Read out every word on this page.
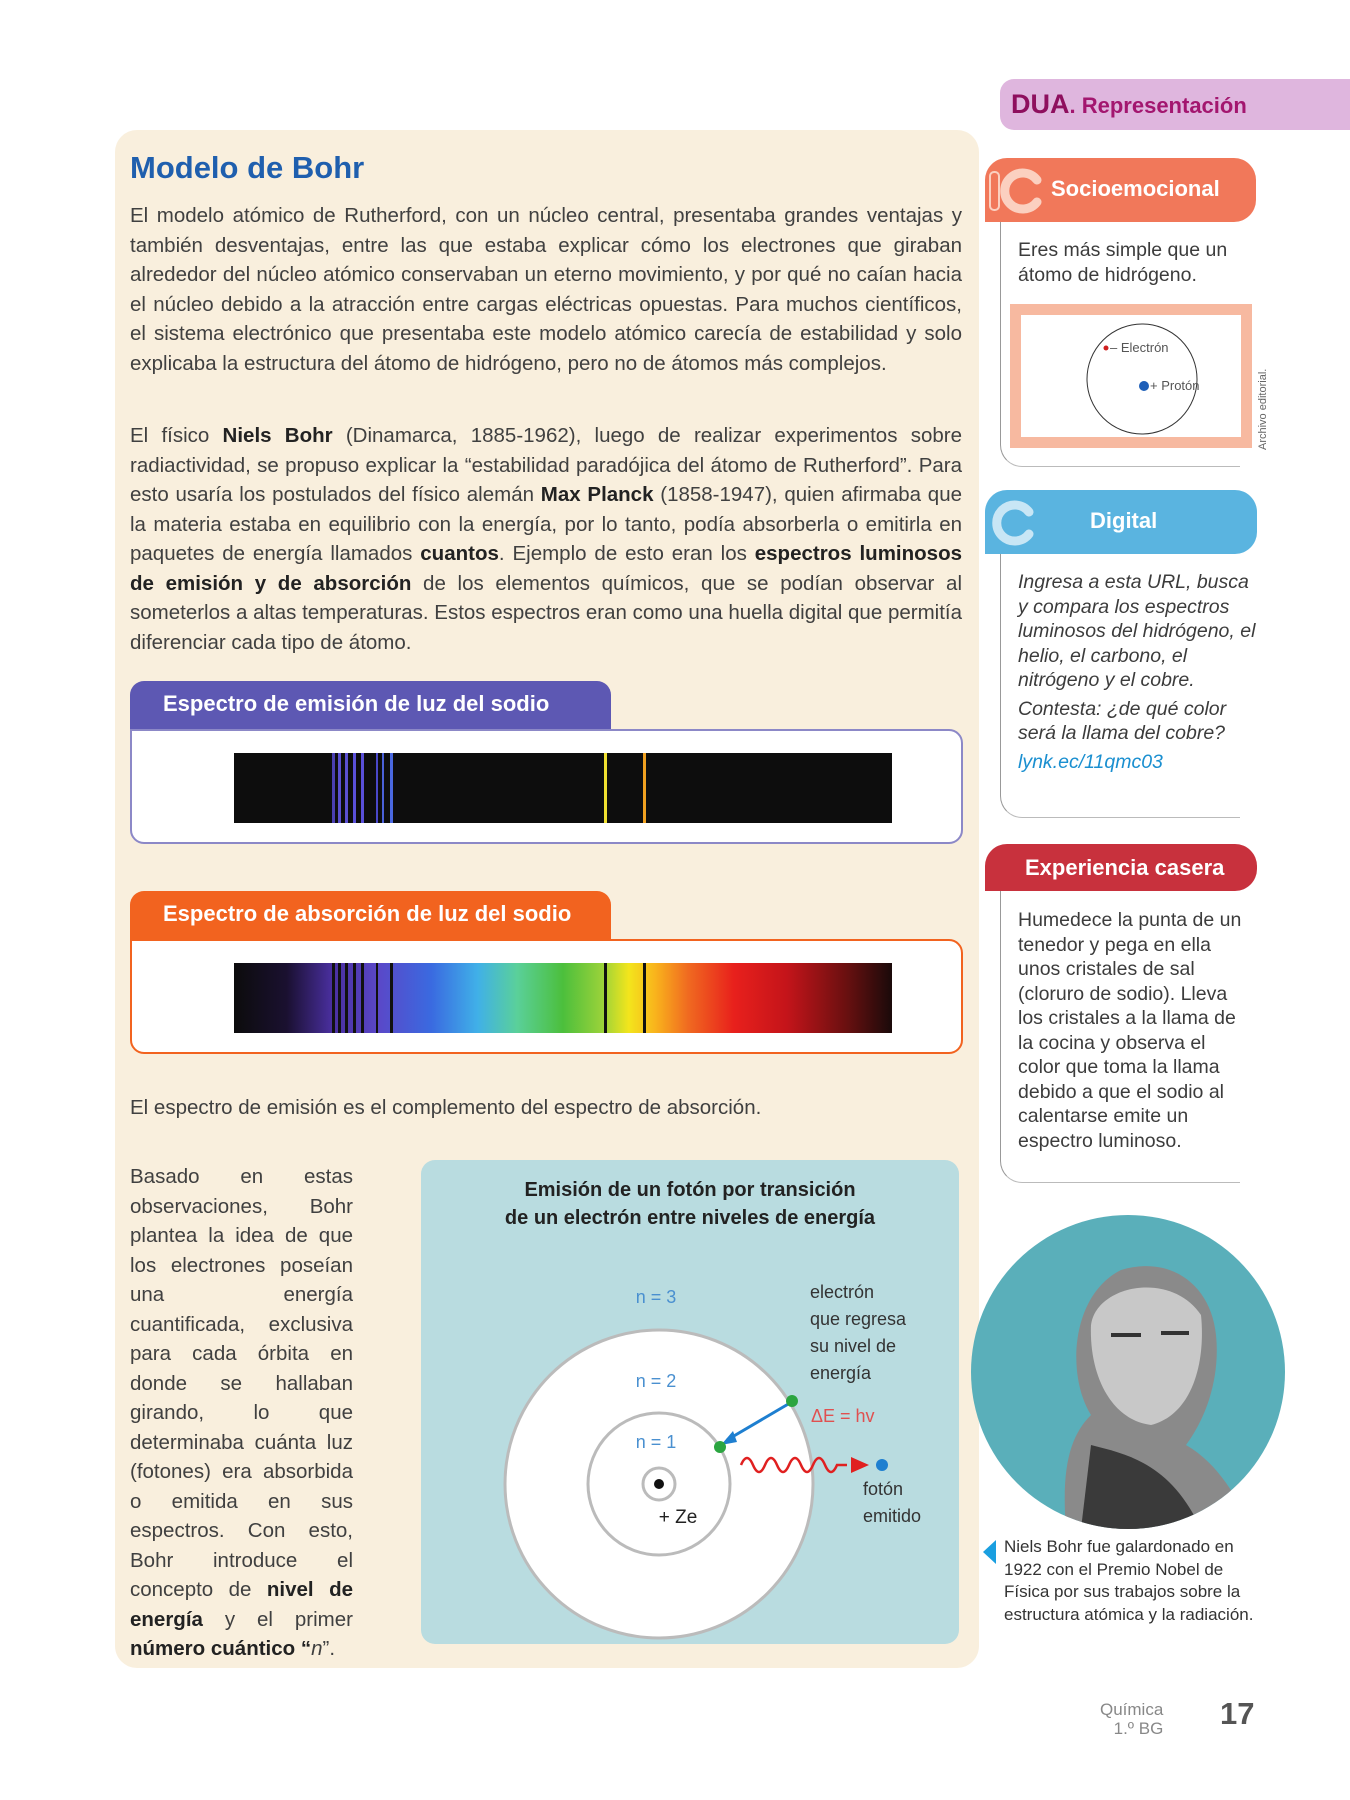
Modelo de Bohr

El modelo atómico de Rutherford, con un núcleo central, presentaba grandes ventajas y también desventajas, entre las que estaba explicar cómo los electrones que giraban alrededor del núcleo atómico conservaban un eterno movimiento, y por qué no caían hacia el núcleo debido a la atracción entre cargas eléctricas opuestas. Para muchos científicos, el sistema electrónico que presentaba este modelo atómico carecía de estabilidad y solo explicaba la estructura del átomo de hidrógeno, pero no de átomos más complejos.

El físico Niels Bohr (Dinamarca, 1885-1962), luego de realizar experimentos sobre radiactividad, se propuso explicar la “estabilidad paradójica del átomo de Rutherford”. Para esto usaría los postulados del físico alemán Max Planck (1858-1947), quien afirmaba que la materia estaba en equilibrio con la energía, por lo tanto, podía absorberla o emitirla en paquetes de energía llamados cuantos. Ejemplo de esto eran los espectros luminosos de emisión y de absorción de los elementos químicos, que se podían observar al someterlos a altas temperaturas. Estos espectros eran como una huella digital que permitía diferenciar cada tipo de átomo.

Espectro de emisión de luz del sodio
Espectro de absorción de luz del sodio
El espectro de emisión es el complemento del espectro de absorción.

Basado en estas observaciones, Bohr plantea la idea de que los electrones poseían una energía cuantificada, exclusiva para cada órbita en donde se hallaban girando, lo que determinaba cuánta luz (fotones) era absorbida o emitida en sus espectros. Con esto, Bohr introduce el concepto de nivel de energía y el primer número cuántico “n”.

Emisión de un fotón por transición
de un electrón entre niveles de energía
n = 3
n = 2
n = 1
+ Ze
ΔE = hv
electrón que regresa su nivel de energía
fotón emitido
DUA. Representación
Socioemocional

Eres más simple que un átomo de hidrógeno.

– Electrón
+ Protón	Archivo editorial.
Digital

Ingresa a esta URL, busca y compara los espectros luminosos del hidrógeno, el helio, el carbono, el nitrógeno y el cobre.

Contesta: ¿de qué color será la llama del cobre?

lynk.ec/11qmc03

Experiencia casera

Humedece la punta de un tenedor y pega en ella unos cristales de sal (cloruro de sodio). Lleva los cristales a la llama de la cocina y observa el color que toma la llama debido a que el sodio al calentarse emite un espectro luminoso.

Niels Bohr fue galardonado en 1922 con el Premio Nobel de Física por sus trabajos sobre la estructura atómica y la radiación.

Química
1.º BG 17
